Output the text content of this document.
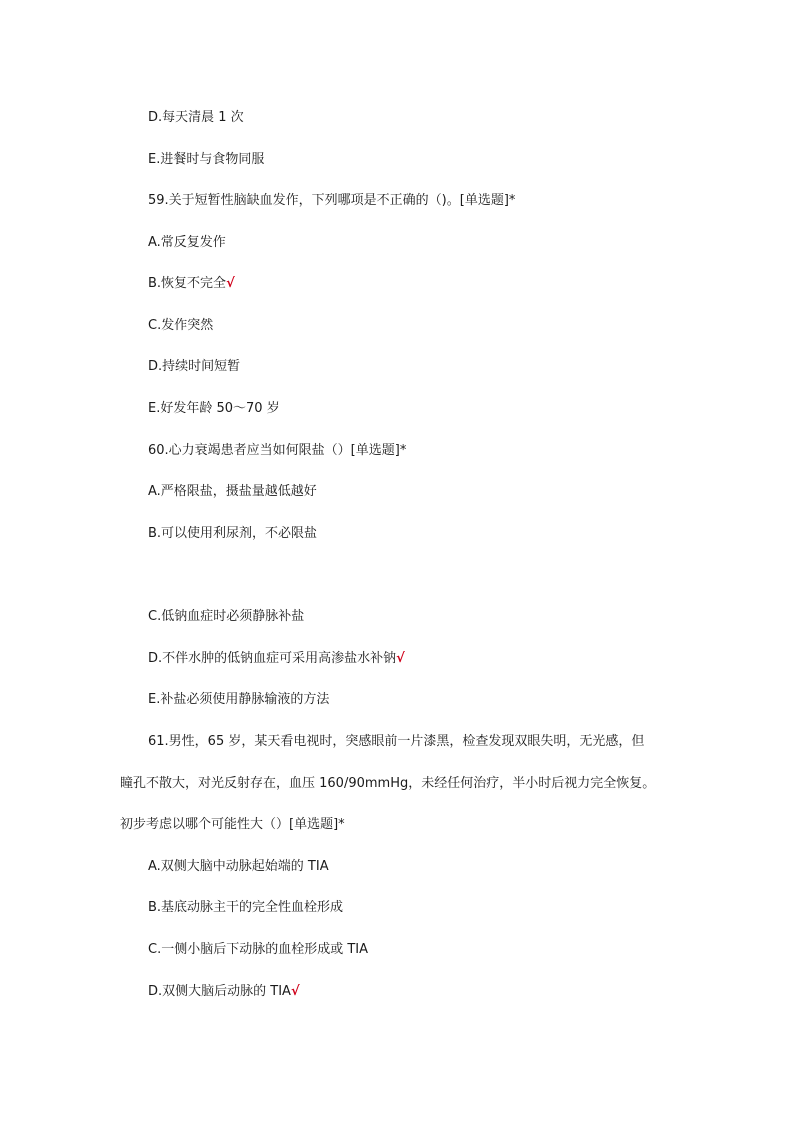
D.每天清晨 1 次
E.进餐时与食物同服
59.关于短暂性脑缺血发作，下列哪项是不正确的（)。[单选题]*
A.常反复发作
B.恢复不完全√
C.发作突然
D.持续时间短暂
E.好发年龄 50～70 岁
60.心力衰竭患者应当如何限盐（）[单选题]*
A.严格限盐，摄盐量越低越好
B.可以使用利尿剂，不必限盐
C.低钠血症时必须静脉补盐
D.不伴水肿的低钠血症可采用高渗盐水补钠√
E.补盐必须使用静脉输液的方法
61.男性，65 岁，某天看电视时，突感眼前一片漆黑，检查发现双眼失明，无光感，但
瞳孔不散大，对光反射存在，血压 160/90mmHg，未经任何治疗，半小时后视力完全恢复。
初步考虑以哪个可能性大（）[单选题]*
A.双侧大脑中动脉起始端的 TIA
B.基底动脉主干的完全性血栓形成
C.一侧小脑后下动脉的血栓形成或 TIA
D.双侧大脑后动脉的 TIA√
